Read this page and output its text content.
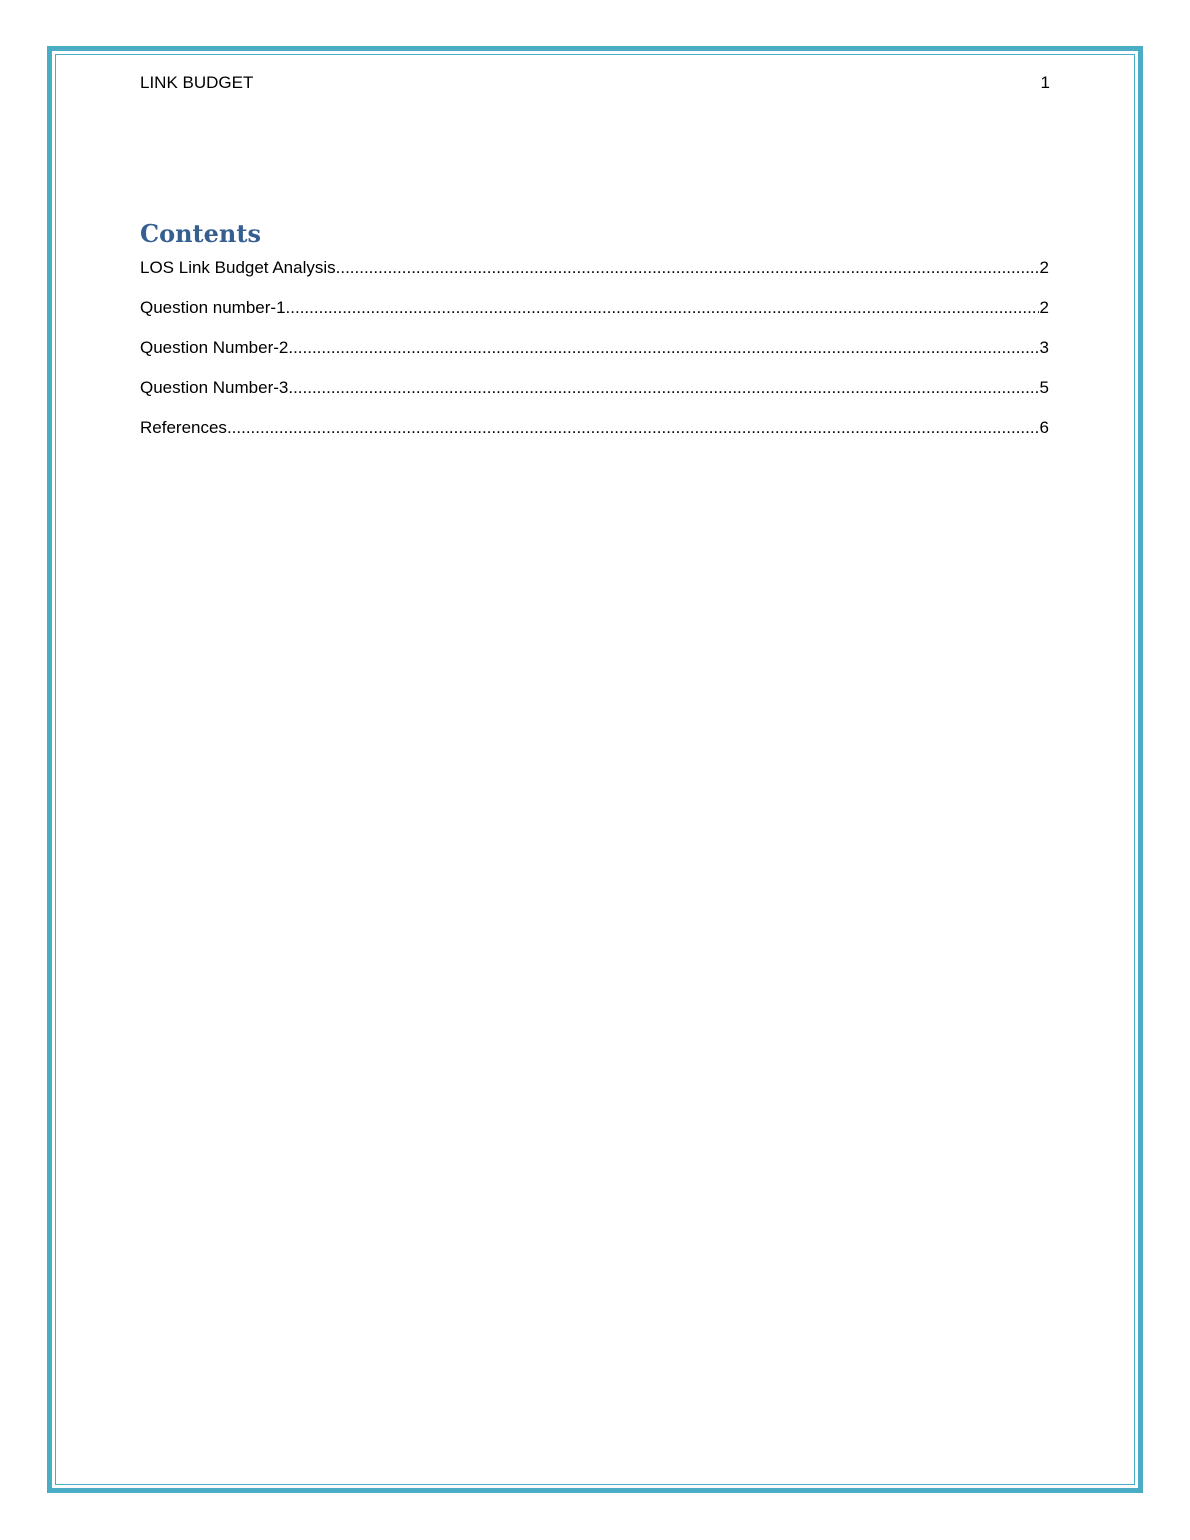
LINK BUDGET	1
Contents
LOS Link Budget Analysis .....	2
Question number-1 .....	2
Question Number-2 .....	3
Question Number-3 .....	5
References .....	6
